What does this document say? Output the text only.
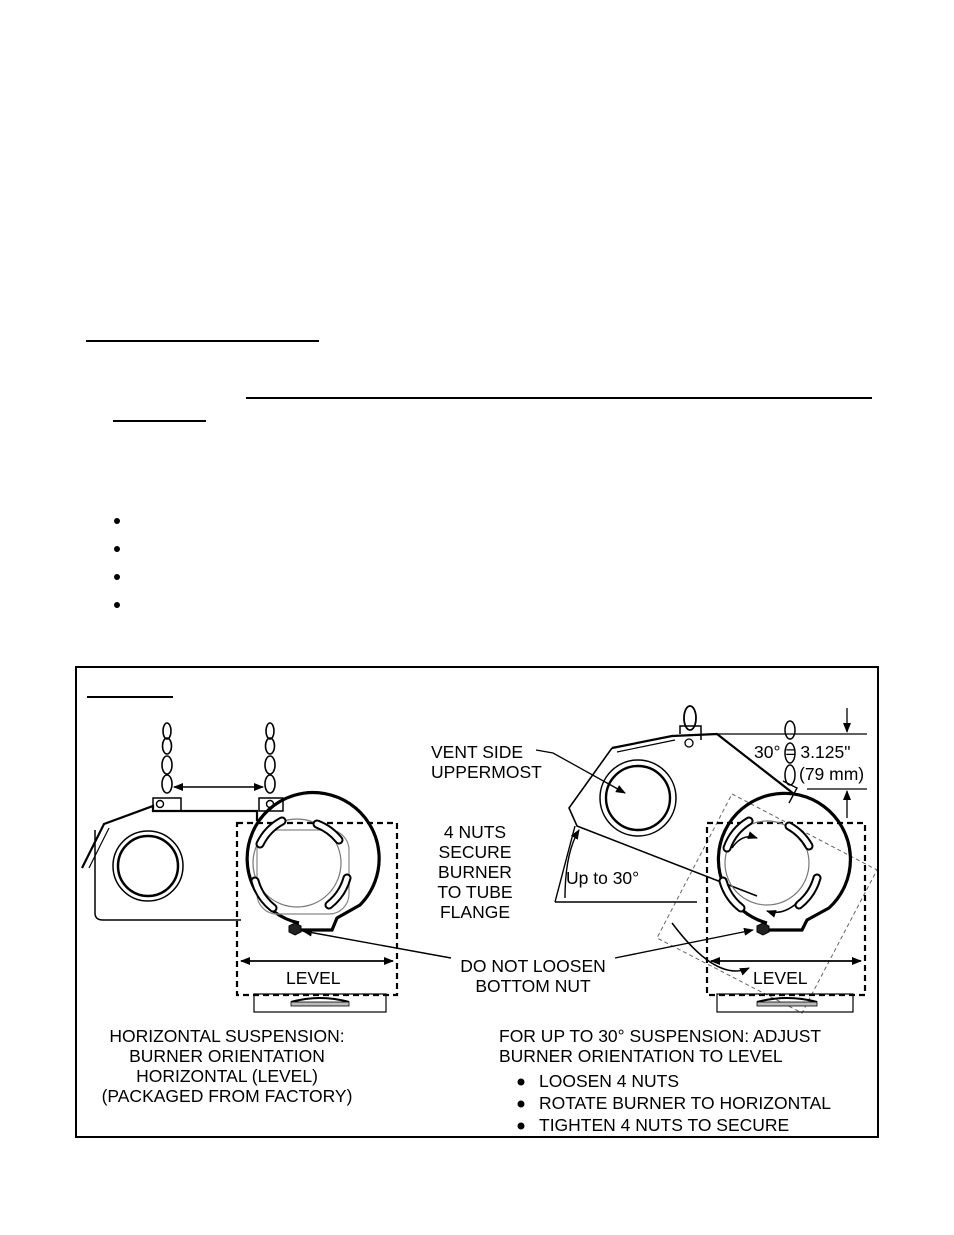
VENT SIDE
UPPERMOST
30° = 3.125"
(79 mm)
4 NUTS
SECURE
BURNER
TO TUBE
FLANGE
Up to 30°
DO NOT LOOSEN
BOTTOM NUT
LEVEL	LEVEL
HORIZONTAL SUSPENSION:
BURNER ORIENTATION
HORIZONTAL (LEVEL)
(PACKAGED FROM FACTORY)
FOR UP TO 30° SUSPENSION: ADJUST
BURNER ORIENTATION TO LEVEL
LOOSEN 4 NUTS
ROTATE BURNER TO HORIZONTAL
TIGHTEN 4 NUTS TO SECURE
